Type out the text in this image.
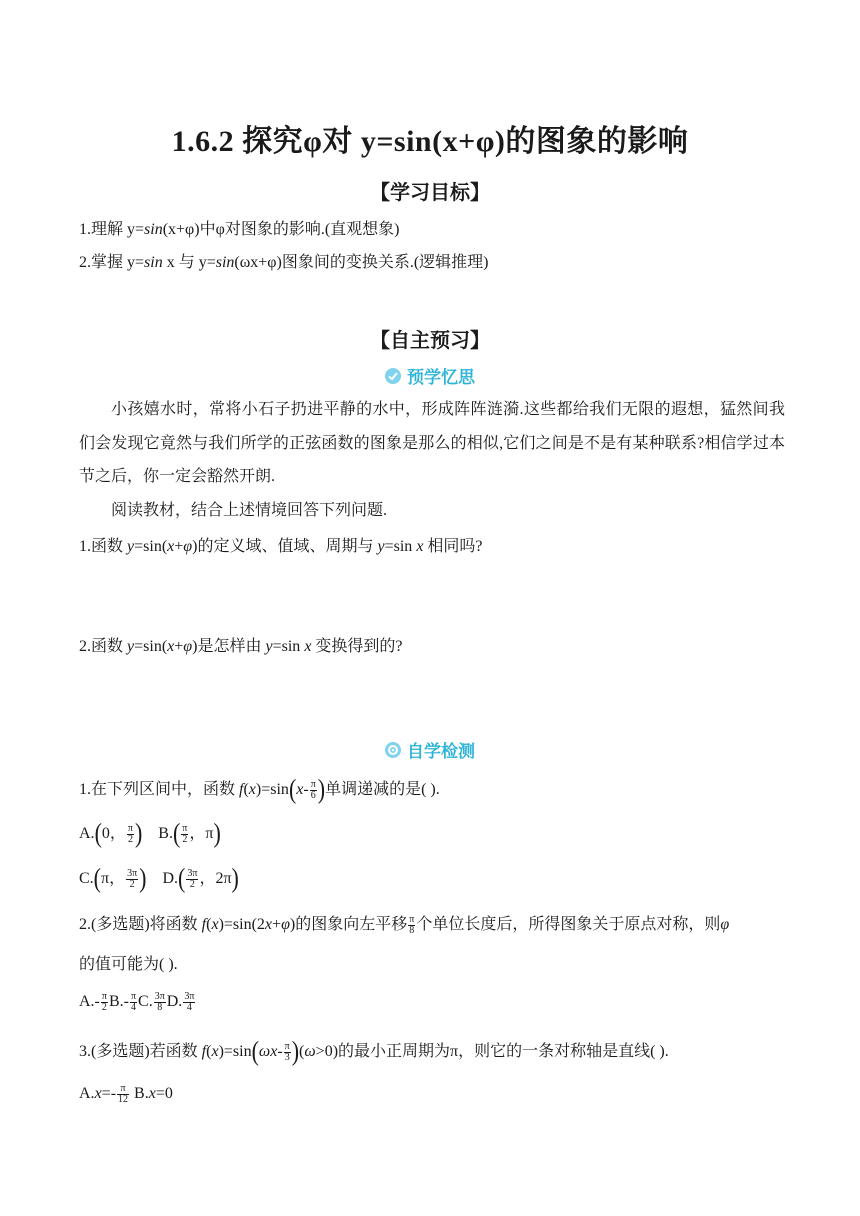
1.6.2 探究φ对 y=sin(x+φ)的图象的影响
【学习目标】
1.理解 y=sin(x+φ)中φ对图象的影响.(直观想象)
2.掌握 y=sin x 与 y=sin(ωx+φ)图象间的变换关系.(逻辑推理)
【自主预习】
预学忆思
小孩嬉水时，常将小石子扔进平静的水中，形成阵阵涟漪.这些都给我们无限的遐想，猛然间我们会发现它竟然与我们所学的正弦函数的图象是那么的相似,它们之间是不是有某种联系?相信学过本节之后，你一定会豁然开朗.
阅读教材，结合上述情境回答下列问题.
1.函数 y=sin(x+φ)的定义域、值域、周期与 y=sin x 相同吗?
2.函数 y=sin(x+φ)是怎样由 y=sin x 变换得到的?
自学检测
1.在下列区间中，函数 $f(x)=\sin(x- \frac{\pi}{6}$ )单调递减的是( ).
A.(0， $\frac{\pi}{2}$ ) $B.( \frac{\pi}{2}$ ，π)
C.(π， $\frac{3\pi}{2}$ ) $D.( \frac{3\pi}{2}$ ，2π)
2.(多选题)将函数 f(x)=sin(2x+φ)的图象向左平移 $\frac{\pi}{8}$ 个单位长度后，所得图象关于原点对称，则φ
的值可能为( ).
$A.- \frac{\pi}{2} B.- \frac{\pi}{4} C$. $\frac{3\pi}{8} D$. $\frac{3\pi}{4}$
3.(多选题)若函数 $f(x)=\sin(\omega x- \frac{\pi}{3} )(\omega>0)$的最小正周期为π，则它的一条对称轴是直线( ).
$A.x=- \frac{\pi}{12} B.x=0$
